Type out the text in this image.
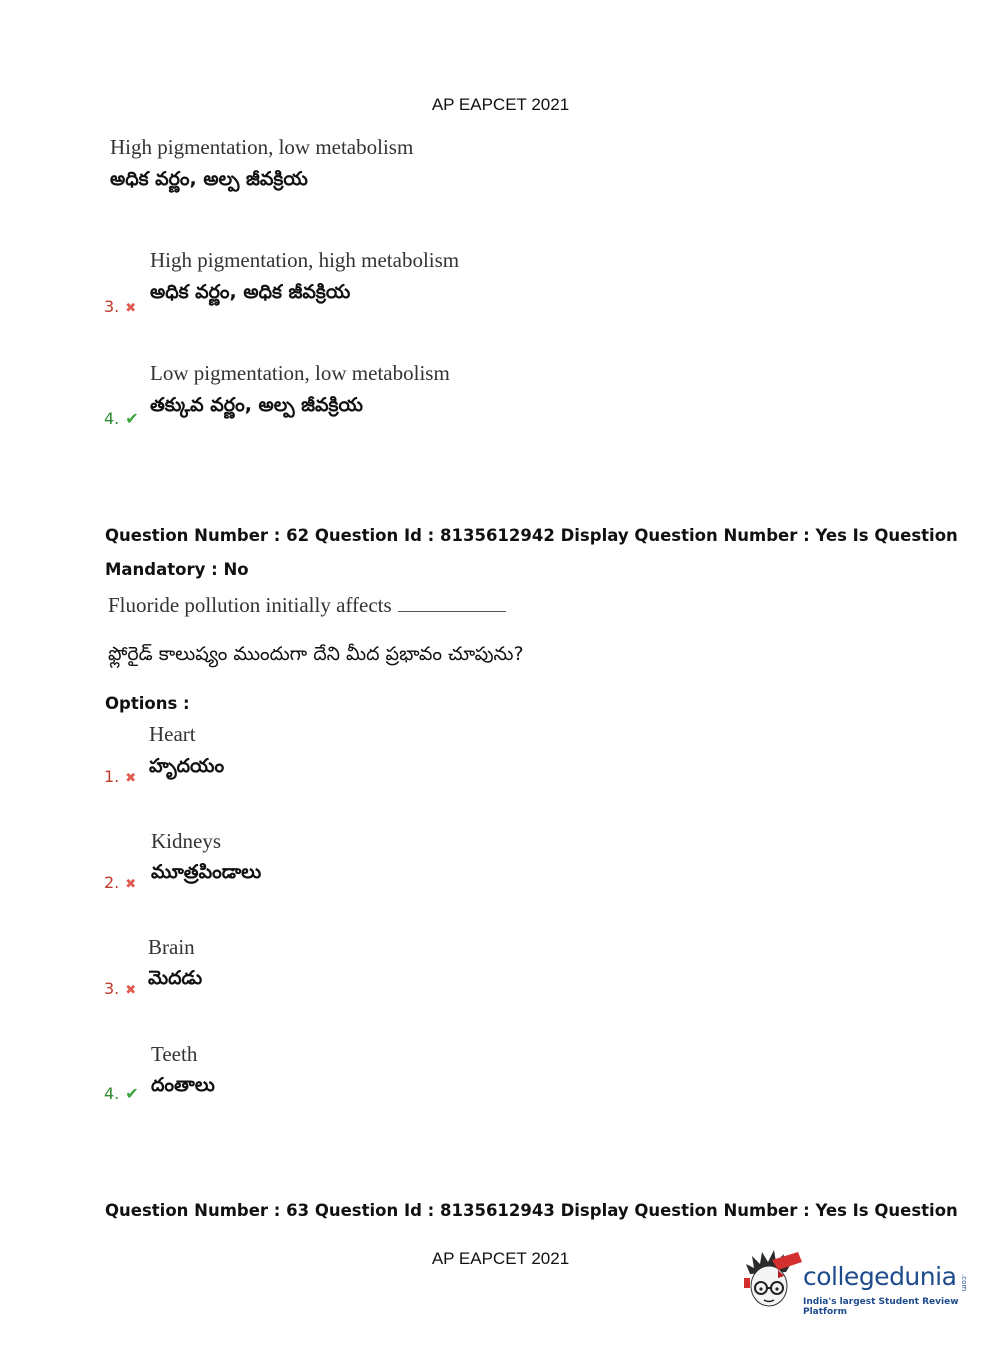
AP EAPCET 2021
High pigmentation, low metabolism
అధిక వర్ణం, అల్ప జీవక్రియ
High pigmentation, high metabolism
అధిక వర్ణం, అధిక జీవక్రియ
3. ✖
Low pigmentation, low metabolism
తక్కువ వర్ణం, అల్ప జీవక్రియ
4. ✔
Question Number : 62 Question Id : 8135612942 Display Question Number : Yes Is Question
Mandatory : No
Fluoride pollution initially affects
ఫ్లోరైడ్ కాలుష్యం ముందుగా దేని మీద ప్రభావం చూపును?
Options :
Heart
హృదయం
1. ✖
Kidneys
మూత్రపిండాలు
2. ✖
Brain
మెదడు
3. ✖
Teeth
దంతాలు
4. ✔
Question Number : 63 Question Id : 8135612943 Display Question Number : Yes Is Question
AP EAPCET 2021
collegedunia .com
India's largest Student Review Platform
